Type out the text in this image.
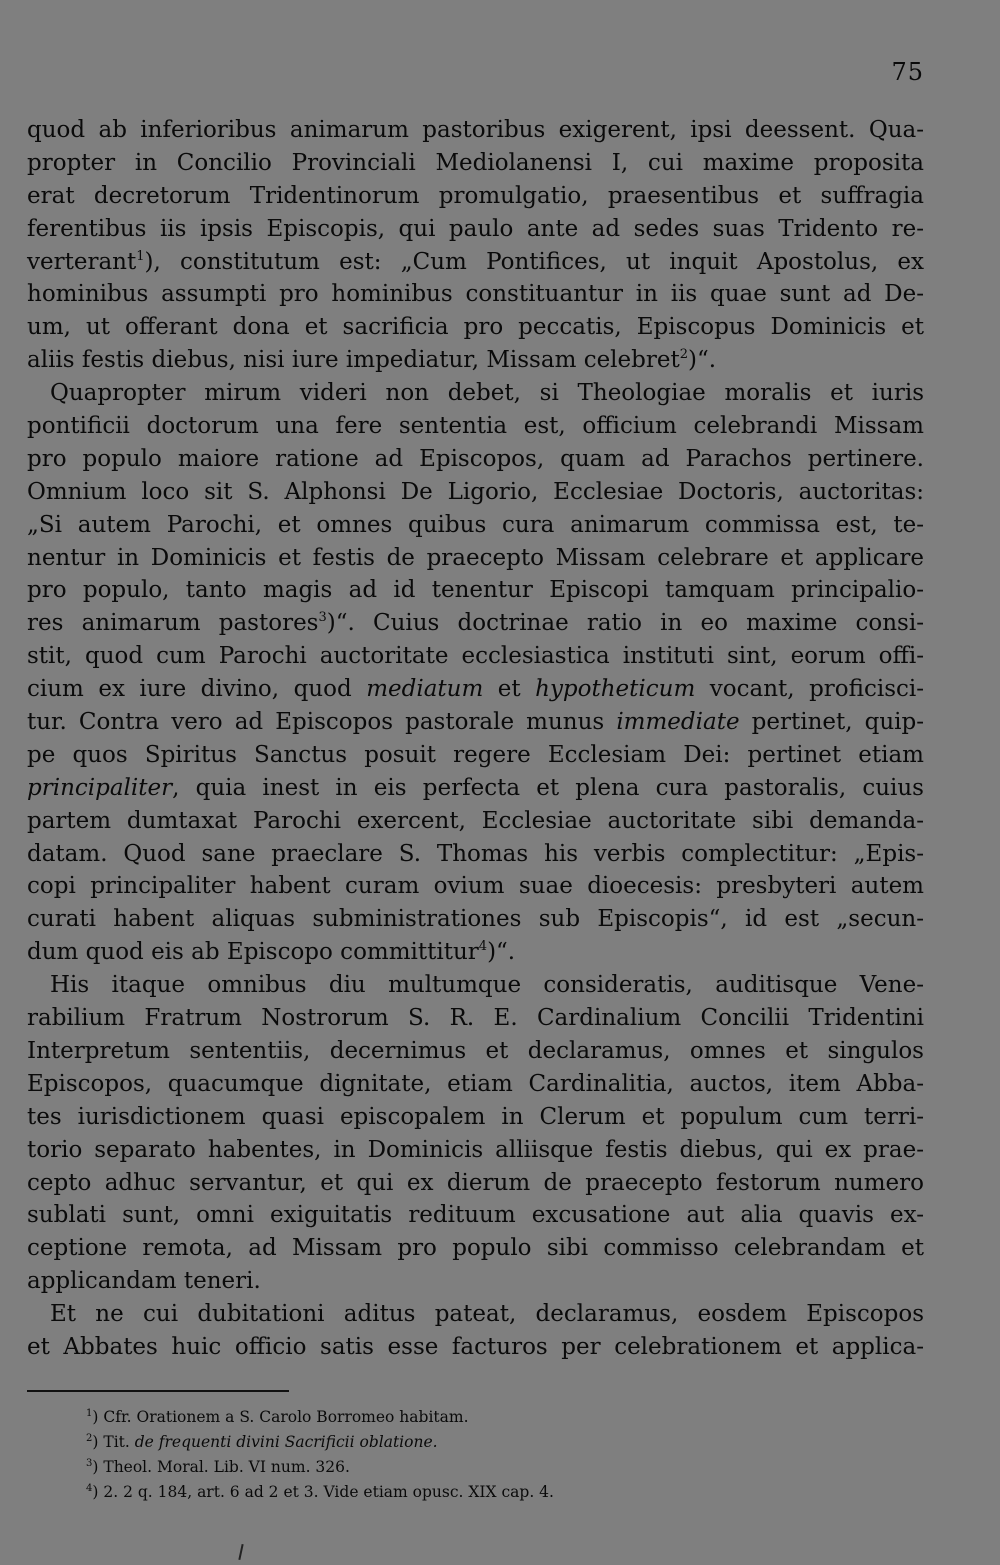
75
quod ab inferioribus animarum pastoribus exigerent, ipsi deessent. Qua-
propter in Concilio Provinciali Mediolanensi I, cui maxime proposita
erat decretorum Tridentinorum promulgatio, praesentibus et suffragia
ferentibus iis ipsis Episcopis, qui paulo ante ad sedes suas Tridento re-
verterant$^1$), constitutum est: „Cum Pontifices, ut inquit Apostolus, ex
hominibus assumpti pro hominibus constituantur in iis quae sunt ad De-
um, ut offerant dona et sacrificia pro peccatis, Episcopus Dominicis et
aliis festis diebus, nisi iure impediatur, Missam celebret$^2$)“.
 Quapropter mirum videri non debet, si Theologiae moralis et iuris
pontificii doctorum una fere sententia est, officium celebrandi Missam
pro populo maiore ratione ad Episcopos, quam ad Parachos pertinere.
Omnium loco sit S. Alphonsi De Ligorio, Ecclesiae Doctoris, auctoritas:
„Si autem Parochi, et omnes quibus cura animarum commissa est, te-
nentur in Dominicis et festis de praecepto Missam celebrare et applicare
pro populo, tanto magis ad id tenentur Episcopi tamquam principalio-
res animarum pastores$^3$)“. Cuius doctrinae ratio in eo maxime consi-
stit, quod cum Parochi auctoritate ecclesiastica instituti sint, eorum offi-
cium ex iure divino, quod mediatum et hypotheticum vocant, proficisci-
tur. Contra vero ad Episcopos pastorale munus immediate pertinet, quip-
pe quos Spiritus Sanctus posuit regere Ecclesiam Dei: pertinet etiam
principaliter, quia inest in eis perfecta et plena cura pastoralis, cuius
partem dumtaxat Parochi exercent, Ecclesiae auctoritate sibi demanda-
datam. Quod sane praeclare S. Thomas his verbis complectitur: „Epis-
copi principaliter habent curam ovium suae dioecesis: presbyteri autem
curati habent aliquas subministrationes sub Episcopis“, id est „secun-
dum quod eis ab Episcopo committitur$^4$)“.
 His itaque omnibus diu multumque consideratis, auditisque Vene-
rabilium Fratrum Nostrorum S. R. E. Cardinalium Concilii Tridentini
Interpretum sententiis, decernimus et declaramus, omnes et singulos
Episcopos, quacumque dignitate, etiam Cardinalitia, auctos, item Abba-
tes iurisdictionem quasi episcopalem in Clerum et populum cum terri-
torio separato habentes, in Dominicis alliisque festis diebus, qui ex prae-
cepto adhuc servantur, et qui ex dierum de praecepto festorum numero
sublati sunt, omni exiguitatis redituum excusatione aut alia quavis ex-
ceptione remota, ad Missam pro populo sibi commisso celebrandam et
applicandam teneri.
 Et ne cui dubitationi aditus pateat, declaramus, eosdem Episcopos
et Abbates huic officio satis esse facturos per celebrationem et applica-
$^1$) Cfr. Orationem a S. Carolo Borromeo habitam.
$^2$) Tit. de frequenti divini Sacrificii oblatione.
$^3$) Theol. Moral. Lib. VI num. 326.
$^4$) 2. 2 q. 184, art. 6 ad 2 et 3. Vide etiam opusc. XIX cap. 4.
